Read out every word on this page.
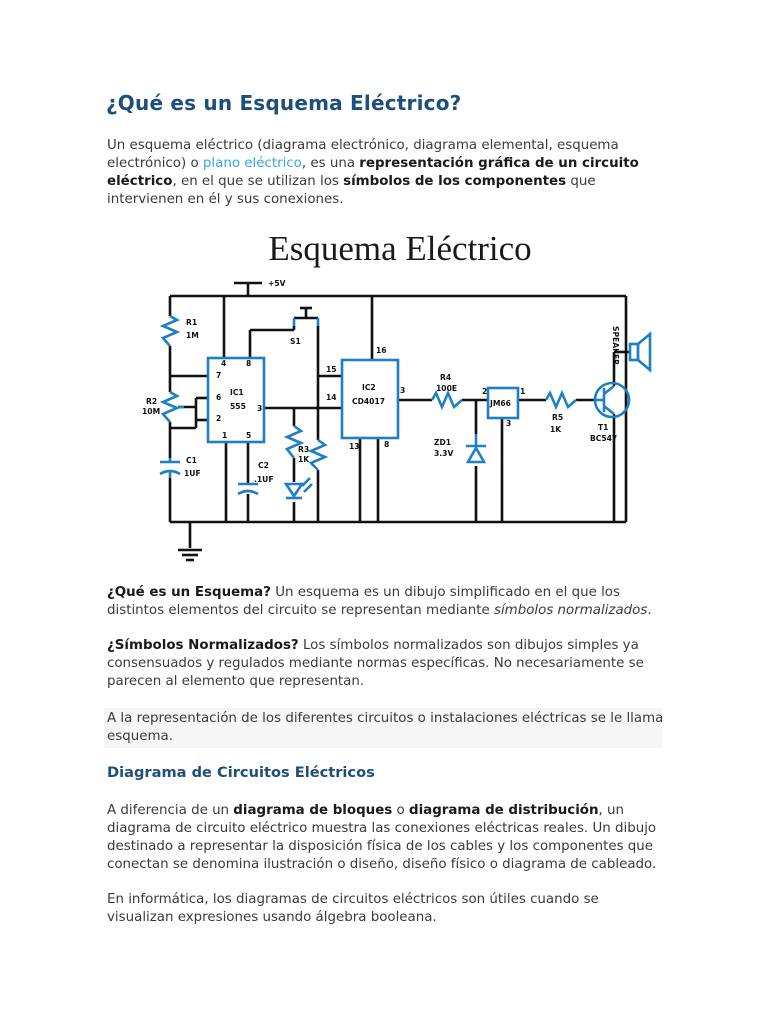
¿Qué es un Esquema Eléctrico?

Un esquema eléctrico (diagrama electrónico, diagrama elemental, esquema electrónico) o plano eléctrico, es una representación gráfica de un circuito eléctrico, en el que se utilizan los símbolos de los componentes que intervienen en él y sus conexiones.

Esquema Eléctrico
+5V
R1
1M
R2
10M
C1
1UF
IC1
555
4	8
7
6
2
3
1 5
S1
R3
1K
C2
.1UF
IC2
CD4017
16
15
14
3
13	8
R4
100E
JM66
2	1
3
ZD1
3.3V
R5
1K	T1
BC547
SPEAKER

¿Qué es un Esquema? Un esquema es un dibujo simplificado en el que los distintos elementos del circuito se representan mediante símbolos normalizados.

¿Símbolos Normalizados? Los símbolos normalizados son dibujos simples ya consensuados y regulados mediante normas específicas. No necesariamente se parecen al elemento que representan.

A la representación de los diferentes circuitos o instalaciones eléctricas se le llama esquema.

Diagrama de Circuitos Eléctricos

A diferencia de un diagrama de bloques o diagrama de distribución, un diagrama de circuito eléctrico muestra las conexiones eléctricas reales. Un dibujo destinado a representar la disposición física de los cables y los componentes que conectan se denomina ilustración o diseño, diseño físico o diagrama de cableado.

En informática, los diagramas de circuitos eléctricos son útiles cuando se visualizan expresiones usando álgebra booleana.
